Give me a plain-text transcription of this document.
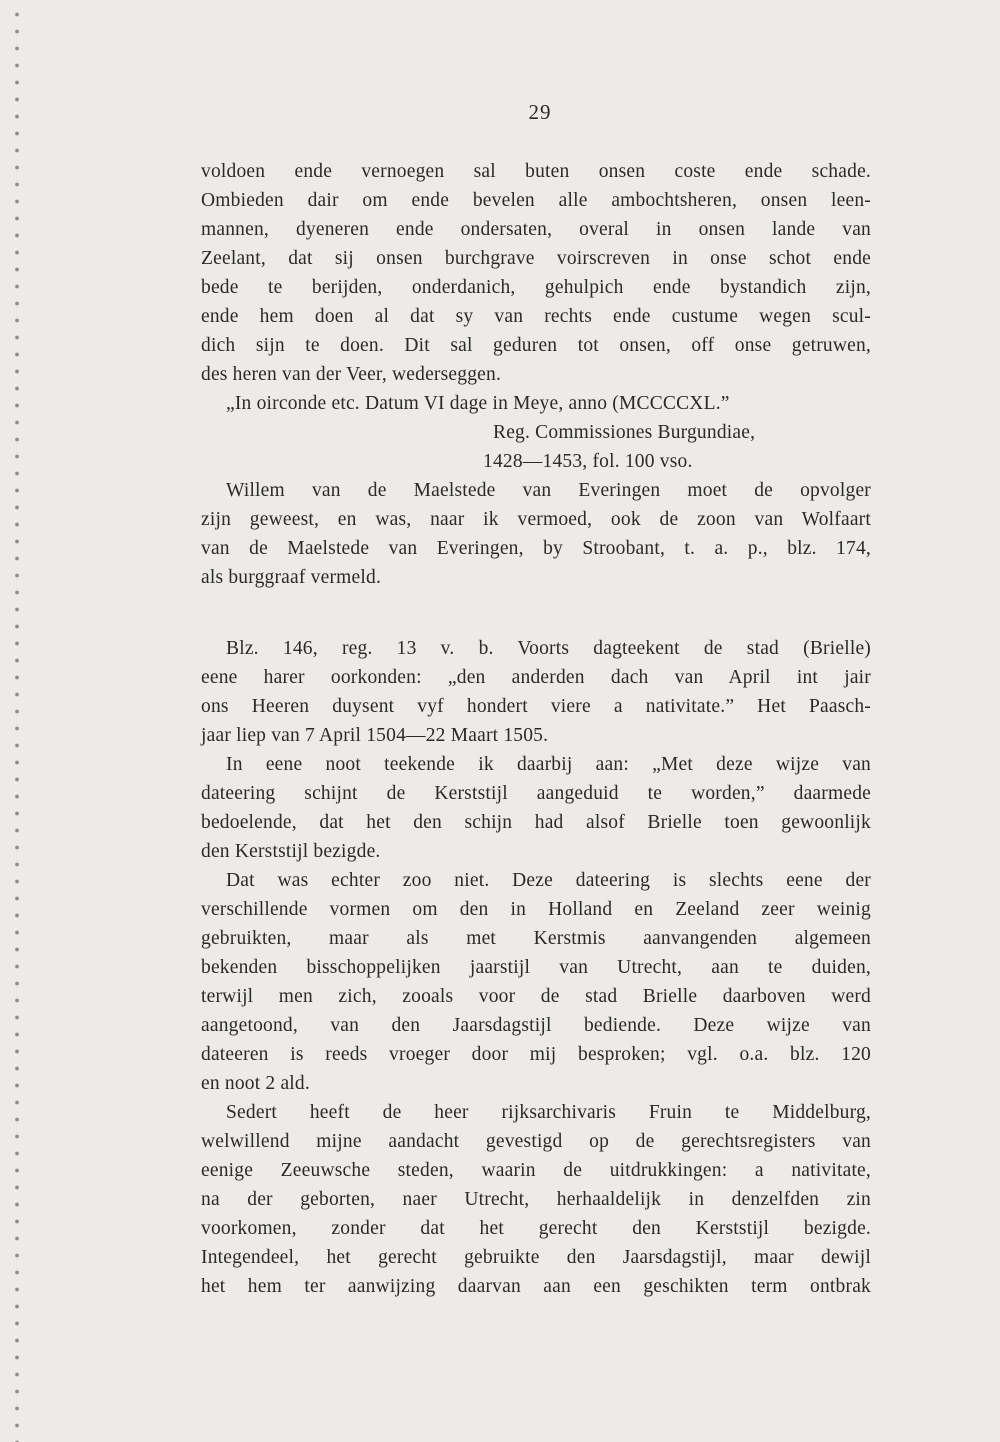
29
voldoen ende vernoegen sal buten onsen coste ende schade.
Ombieden dair om ende bevelen alle ambochtsheren, onsen leen-
mannen, dyeneren ende ondersaten, overal in onsen lande van
Zeelant, dat sij onsen burchgrave voirscreven in onse schot ende
bede te berijden, onderdanich, gehulpich ende bystandich zijn,
ende hem doen al dat sy van rechts ende custume wegen scul-
dich sijn te doen. Dit sal geduren tot onsen, off onse getruwen,
des heren van der Veer, wederseggen.
„In oirconde etc. Datum VI dage in Meye, anno (MCCCCXL.”
Reg. Commissiones Burgundiae,
1428—1453, fol. 100 vso.
Willem van de Maelstede van Everingen moet de opvolger
zijn geweest, en was, naar ik vermoed, ook de zoon van Wolfaart
van de Maelstede van Everingen, by Stroobant, t. a. p., blz. 174,
als burggraaf vermeld.
Blz. 146, reg. 13 v. b. Voorts dagteekent de stad (Brielle)
eene harer oorkonden: „den anderden dach van April int jair
ons Heeren duysent vyf hondert viere a nativitate.” Het Paasch-
jaar liep van 7 April 1504—22 Maart 1505.
In eene noot teekende ik daarbij aan: „Met deze wijze van
dateering schijnt de Kerststijl aangeduid te worden,” daarmede
bedoelende, dat het den schijn had alsof Brielle toen gewoonlijk
den Kerststijl bezigde.
Dat was echter zoo niet. Deze dateering is slechts eene der
verschillende vormen om den in Holland en Zeeland zeer weinig
gebruikten, maar als met Kerstmis aanvangenden algemeen
bekenden bisschoppelijken jaarstijl van Utrecht, aan te duiden,
terwijl men zich, zooals voor de stad Brielle daarboven werd
aangetoond, van den Jaarsdagstijl bediende. Deze wijze van
dateeren is reeds vroeger door mij besproken; vgl. o.a. blz. 120
en noot 2 ald.
Sedert heeft de heer rijksarchivaris Fruin te Middelburg,
welwillend mijne aandacht gevestigd op de gerechtsregisters van
eenige Zeeuwsche steden, waarin de uitdrukkingen: a nativitate,
na der geborten, naer Utrecht, herhaaldelijk in denzelfden zin
voorkomen, zonder dat het gerecht den Kerststijl bezigde.
Integendeel, het gerecht gebruikte den Jaarsdagstijl, maar dewijl
het hem ter aanwijzing daarvan aan een geschikten term ontbrak
